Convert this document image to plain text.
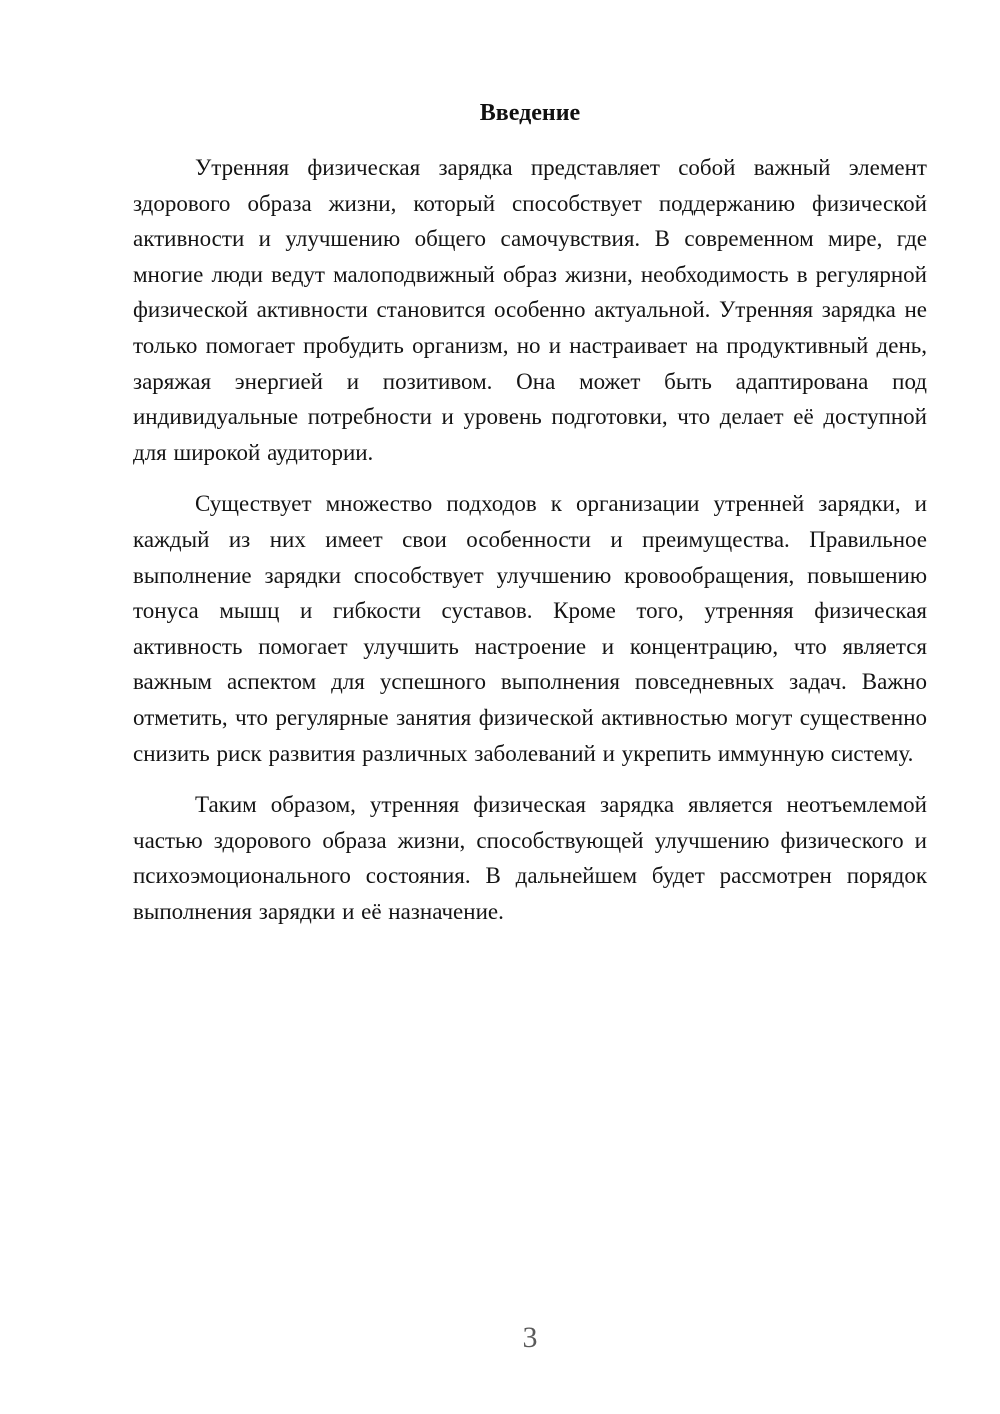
Введение

Утренняя физическая зарядка представляет собой важный элемент здорового образа жизни, который способствует поддержанию физической активности и улучшению общего самочувствия. В современном мире, где многие люди ведут малоподвижный образ жизни, необходимость в регулярной физической активности становится особенно актуальной. Утренняя зарядка не только помогает пробудить организм, но и настраивает на продуктивный день, заряжая энергией и позитивом. Она может быть адаптирована под индивидуальные потребности и уровень подготовки, что делает её доступной для широкой аудитории.

Существует множество подходов к организации утренней зарядки, и каждый из них имеет свои особенности и преимущества. Правильное выполнение зарядки способствует улучшению кровообращения, повышению тонуса мышц и гибкости суставов. Кроме того, утренняя физическая активность помогает улучшить настроение и концентрацию, что является важным аспектом для успешного выполнения повседневных задач. Важно отметить, что регулярные занятия физической активностью могут существенно снизить риск развития различных заболеваний и укрепить иммунную систему.

Таким образом, утренняя физическая зарядка является неотъемлемой частью здорового образа жизни, способствующей улучшению физического и психоэмоционального состояния. В дальнейшем будет рассмотрен порядок выполнения зарядки и её назначение.

3
